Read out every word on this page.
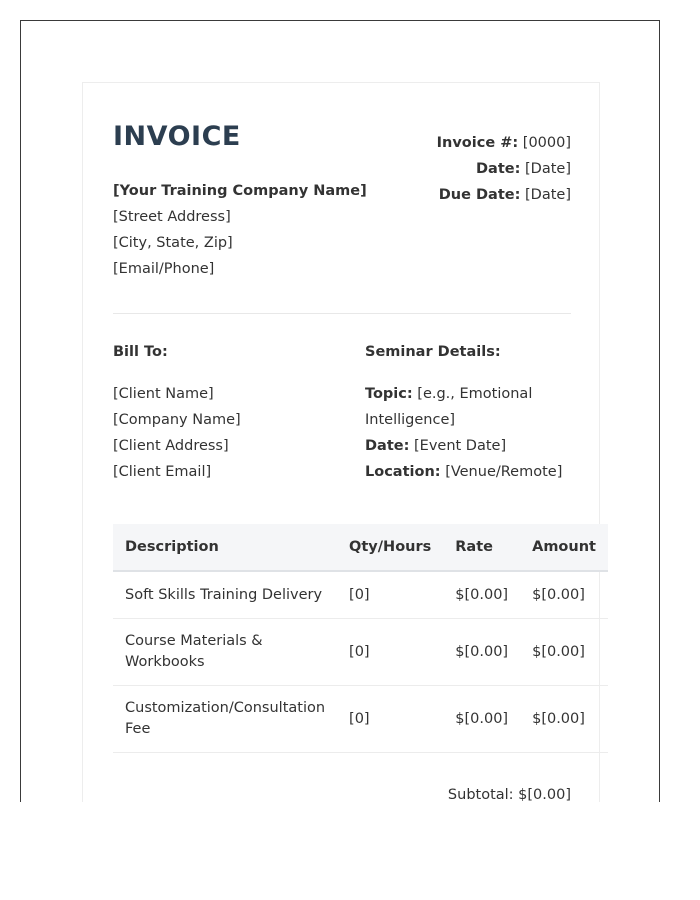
INVOICE
[Your Training Company Name]
[Street Address]
[City, State, Zip]
[Email/Phone]
Invoice #: [0000]
Date: [Date]
Due Date: [Date]
Bill To:
[Client Name]
[Company Name]
[Client Address]
[Client Email]
Seminar Details:
Topic: [e.g., Emotional Intelligence]
Date: [Event Date]
Location: [Venue/Remote]
Description	Qty/Hours	Rate	Amount
Soft Skills Training Delivery	[0]	$[0.00]	$[0.00]
Course Materials & Workbooks	[0]	$[0.00]	$[0.00]
Customization/Consultation Fee	[0]	$[0.00]	$[0.00]
Subtotal: $[0.00]
